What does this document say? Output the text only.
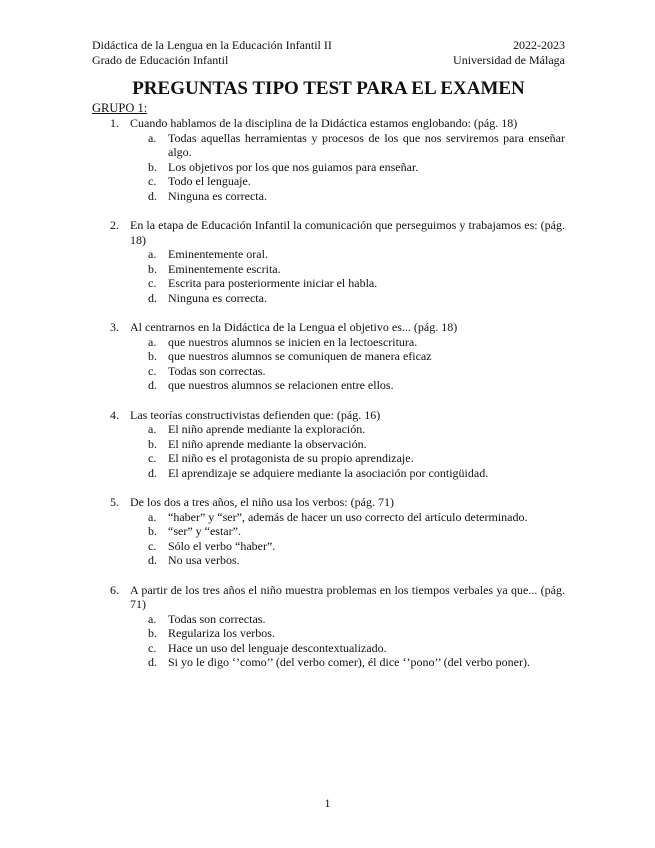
Didáctica de la Lengua en la Educación Infantil II	2022-2023
Grado de Educación Infantil	Universidad de Málaga
PREGUNTAS TIPO TEST PARA EL EXAMEN
GRUPO 1:
1. Cuando hablamos de la disciplina de la Didáctica estamos englobando: (pág. 18)
a. Todas aquellas herramientas y procesos de los que nos serviremos para enseñar algo.
b. Los objetivos por los que nos guiamos para enseñar.
c. Todo el lenguaje.
d. Ninguna es correcta.
2. En la etapa de Educación Infantil la comunicación que perseguimos y trabajamos es: (pág. 18)
a. Eminentemente oral.
b. Eminentemente escrita.
c. Escrita para posteriormente iniciar el habla.
d. Ninguna es correcta.
3. Al centrarnos en la Didáctica de la Lengua el objetivo es... (pág. 18)
a. que nuestros alumnos se inicien en la lectoescritura.
b. que nuestros alumnos se comuniquen de manera eficaz
c. Todas son correctas.
d. que nuestros alumnos se relacionen entre ellos.
4. Las teorías constructivistas defienden que: (pág. 16)
a. El niño aprende mediante la exploración.
b. El niño aprende mediante la observación.
c. El niño es el protagonista de su propio aprendizaje.
d. El aprendizaje se adquiere mediante la asociación por contigüidad.
5. De los dos a tres años, el niño usa los verbos: (pág. 71)
a. “haber” y “ser”, además de hacer un uso correcto del artículo determinado.
b. “ser” y “estar”.
c. Sólo el verbo “haber”.
d. No usa verbos.
6. A partir de los tres años el niño muestra problemas en los tiempos verbales ya que... (pág. 71)
a. Todas son correctas.
b. Regulariza los verbos.
c. Hace un uso del lenguaje descontextualizado.
d. Si yo le digo ‘’como’’ (del verbo comer), él dice ‘’pono’’ (del verbo poner).
1
